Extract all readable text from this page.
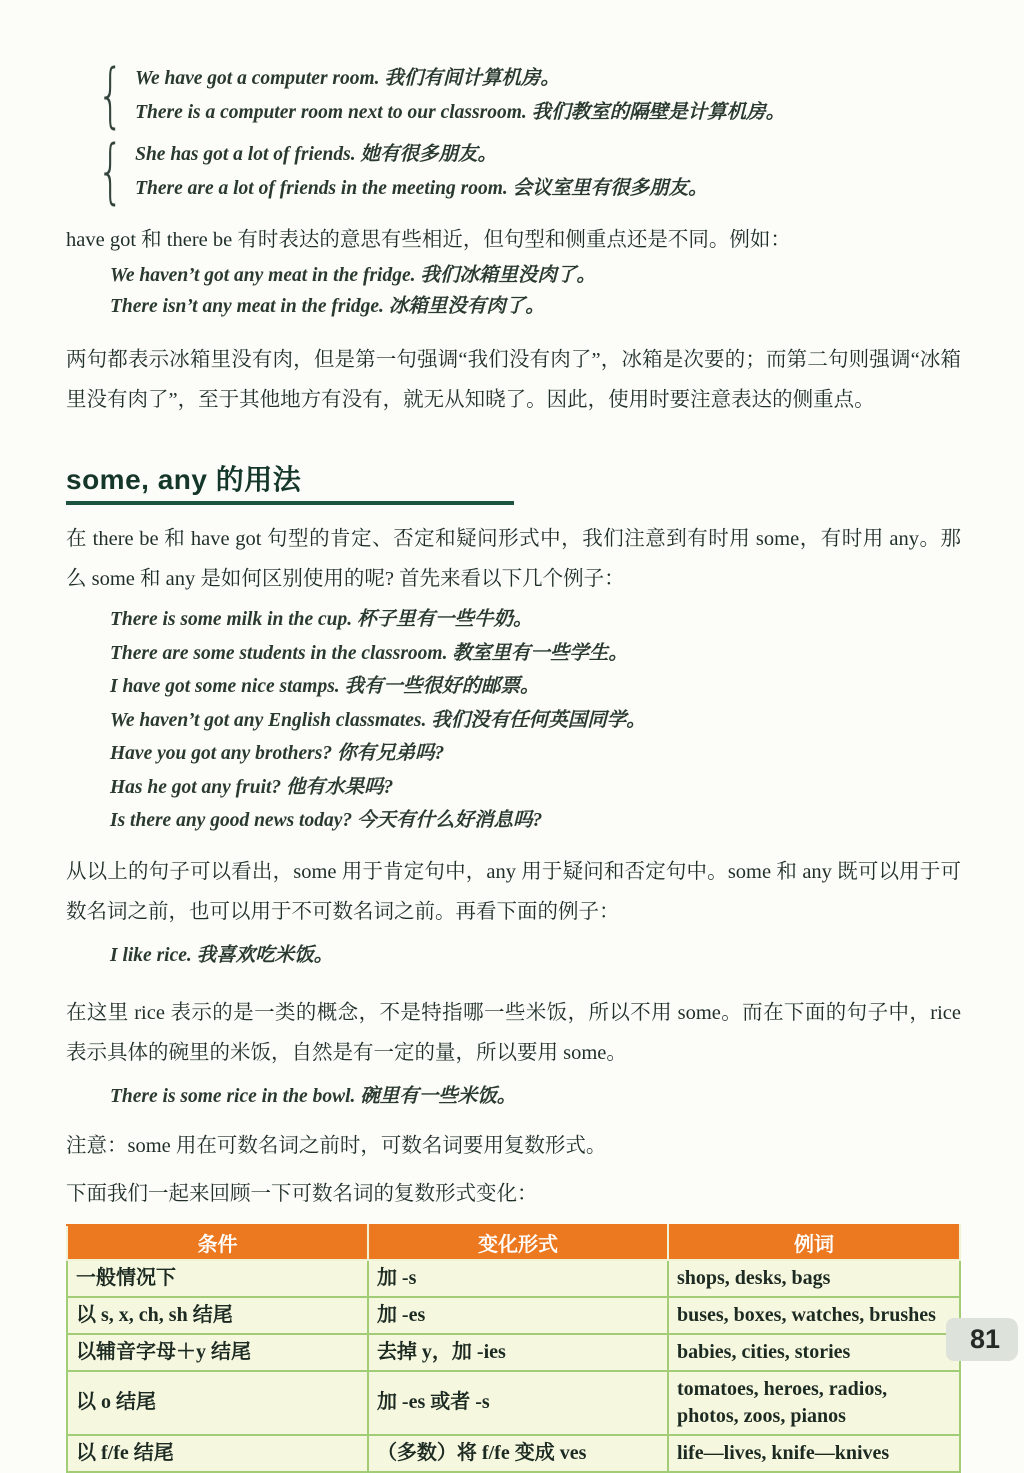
{ We have got a computer room. 我们有间计算机房。
There is a computer room next to our classroom. 我们教室的隔壁是计算机房。
{ She has got a lot of friends. 她有很多朋友。
There are a lot of friends in the meeting room. 会议室里有很多朋友。

have got 和 there be 有时表达的意思有些相近，但句型和侧重点还是不同。例如：

We haven’t got any meat in the fridge. 我们冰箱里没肉了。
There isn’t any meat in the fridge. 冰箱里没有肉了。

两句都表示冰箱里没有肉，但是第一句强调“我们没有肉了”，冰箱是次要的；而第二句则强调“冰箱里没有肉了”，至于其他地方有没有，就无从知晓了。因此，使用时要注意表达的侧重点。

some, any 的用法

在 there be 和 have got 句型的肯定、否定和疑问形式中，我们注意到有时用 some，有时用 any。那么 some 和 any 是如何区别使用的呢? 首先来看以下几个例子：

There is some milk in the cup. 杯子里有一些牛奶。
There are some students in the classroom. 教室里有一些学生。
I have got some nice stamps. 我有一些很好的邮票。
We haven’t got any English classmates. 我们没有任何英国同学。
Have you got any brothers? 你有兄弟吗?
Has he got any fruit? 他有水果吗?
Is there any good news today? 今天有什么好消息吗?

从以上的句子可以看出，some 用于肯定句中，any 用于疑问和否定句中。some 和 any 既可以用于可数名词之前，也可以用于不可数名词之前。再看下面的例子：

I like rice. 我喜欢吃米饭。

在这里 rice 表示的是一类的概念，不是特指哪一些米饭，所以不用 some。而在下面的句子中，rice 表示具体的碗里的米饭，自然是有一定的量，所以要用 some。

There is some rice in the bowl. 碗里有一些米饭。

注意：some 用在可数名词之前时，可数名词要用复数形式。

下面我们一起来回顾一下可数名词的复数形式变化：

条件	变化形式	例词
一般情况下	加 -s	shops, desks, bags
以 s, x, ch, sh 结尾	加 -es	buses, boxes, watches, brushes
以辅音字母＋y 结尾	去掉 y，加 -ies	babies, cities, stories
以 o 结尾	加 -es 或者 -s	tomatoes, heroes, radios, photos, zoos, pianos
以 f/fe 结尾	（多数）将 f/fe 变成 ves	life—lives, knife—knives
81
